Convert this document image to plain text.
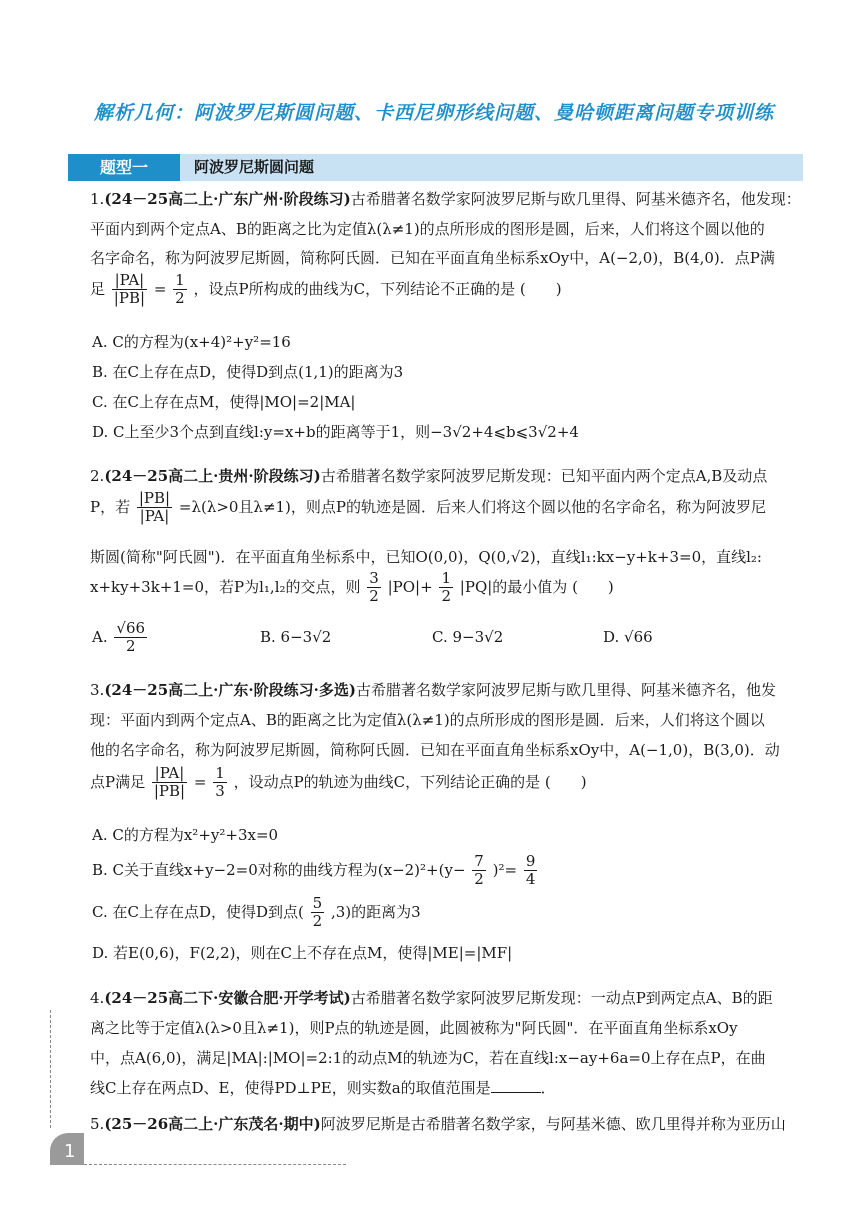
解析几何：阿波罗尼斯圆问题、卡西尼卵形线问题、曼哈顿距离问题专项训练
题型一	阿波罗尼斯圆问题
1.(24－25高二上·广东广州·阶段练习)古希腊著名数学家阿波罗尼斯与欧几里得、阿基米德齐名，他发现：
平面内到两个定点A、B的距离之比为定值λ(λ≠1)的点所形成的图形是圆，后来，人们将这个圆以他的
名字命名，称为阿波罗尼斯圆，简称阿氏圆．已知在平面直角坐标系xOy中，A(−2,0)，B(4,0)．点P满
足 $\frac{|PA|}{|PB|} = \frac{1}{2}$ ，设点P所构成的曲线为C，下列结论不正确的是 (　　)
A. C的方程为(x+4)²+y²=16
B. 在C上存在点D，使得D到点(1,1)的距离为3
C. 在C上存在点M，使得|MO|=2|MA|
D. C上至少3个点到直线l:y=x+b的距离等于1，则−3√2+4⩽b⩽3√2+4
2.(24－25高二上·贵州·阶段练习)古希腊著名数学家阿波罗尼斯发现：已知平面内两个定点A,B及动点
P，若 $\frac{|PB|}{|PA|} =\lambda(\lambda>0$且λ≠1)，则点P的轨迹是圆．后来人们将这个圆以他的名字命名，称为阿波罗尼
斯圆(简称"阿氏圆")．在平面直角坐标系中，已知O(0,0)，Q(0,√2)，直线l₁:kx−y+k+3=0，直线l₂:
x+ky+3k+1=0，若P为l₁,l₂的交点，则 $\frac{3}{2} |PO|+ \frac{1}{2} |PQ|$的最小值为 (　　)
A. $\frac{√66}{2}$	B. 6−3√2	C. 9−3√2	D. √66
3.(24－25高二上·广东·阶段练习·多选)古希腊著名数学家阿波罗尼斯与欧几里得、阿基米德齐名，他发
现：平面内到两个定点A、B的距离之比为定值λ(λ≠1)的点所形成的图形是圆．后来，人们将这个圆以
他的名字命名，称为阿波罗尼斯圆，简称阿氏圆．已知在平面直角坐标系xOy中，A(−1,0)，B(3,0)．动
点P满足 $\frac{|PA|}{|PB|} = \frac{1}{3}$ ，设动点P的轨迹为曲线C，下列结论正确的是 (　　)
A. C的方程为x²+y²+3x=0
B. C关于直线x+y−2=0对称的曲线方程为$(x-2)^2+(y- \frac{7}{2} )^2= \frac{9}{4}$
C. 在C上存在点D，使得D到点( $\frac{5}{2} ,3$)的距离为3
D. 若E(0,6)，F(2,2)，则在C上不存在点M，使得|ME|=|MF|
4.(24－25高二下·安徽合肥·开学考试)古希腊著名数学家阿波罗尼斯发现：一动点P到两定点A、B的距
离之比等于定值λ(λ>0且λ≠1)，则P点的轨迹是圆，此圆被称为"阿氏圆"．在平面直角坐标系xOy
中，点A(6,0)，满足|MA|:|MO|=2:1的动点M的轨迹为C，若在直线l:x−ay+6a=0上存在点P，在曲
线C上存在两点D、E，使得PD⊥PE，则实数a的取值范围是	．
5.(25－26高二上·广东茂名·期中)阿波罗尼斯是古希腊著名数学家，与阿基米德、欧几里得并称为亚历山
1
